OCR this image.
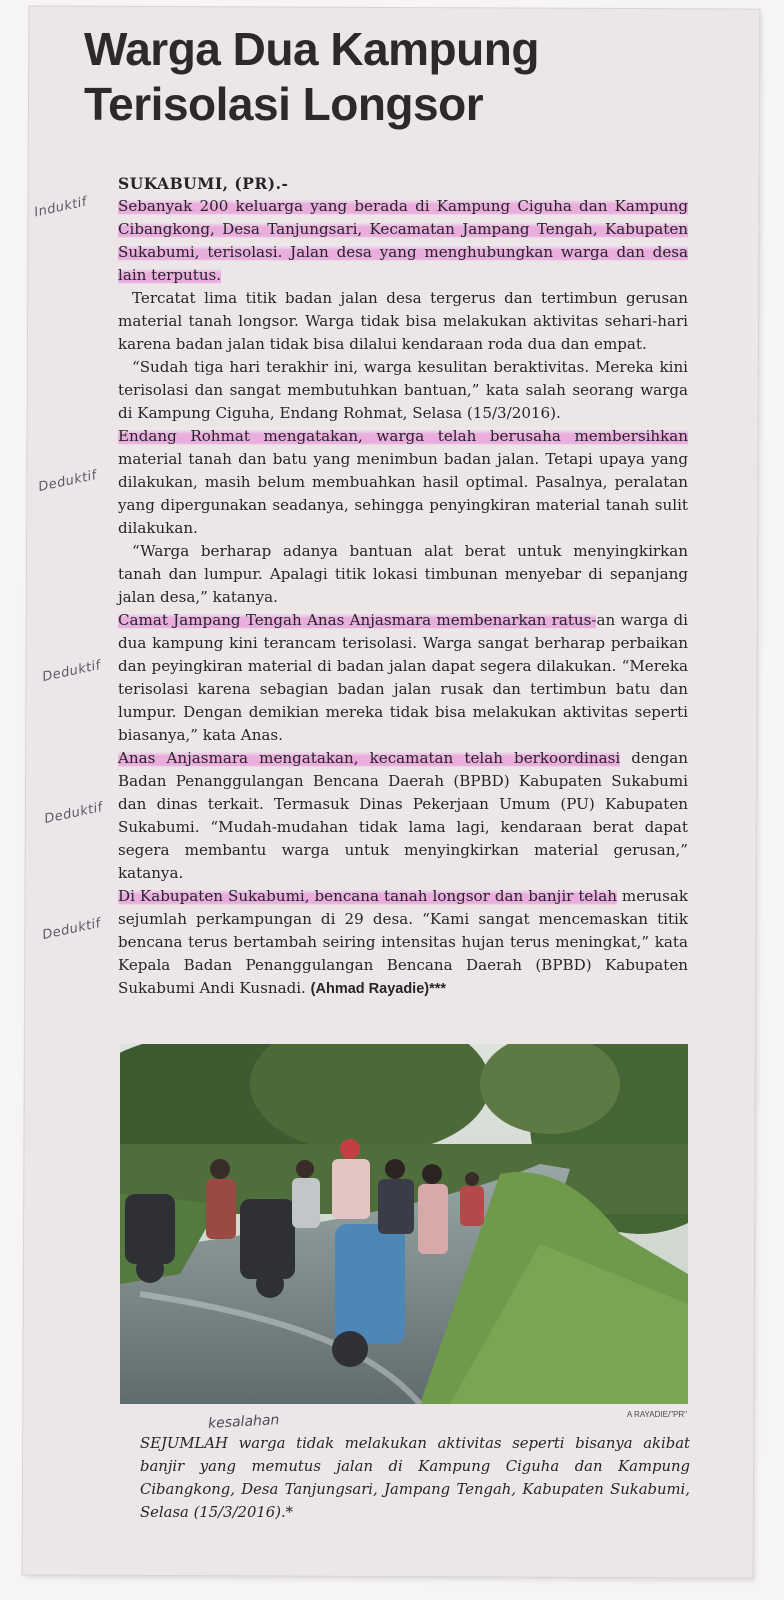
Warga Dua Kampung
Terisolasi Longsor
SUKABUMI, (PR).-

Sebanyak 200 keluarga yang berada di Kampung Ciguha dan Kampung Cibangkong, Desa Tanjungsari, Kecamatan Jampang Tengah, Kabupaten Sukabumi, terisolasi. Jalan desa yang menghubungkan warga dan desa lain terputus.

Tercatat lima titik badan jalan desa tergerus dan tertimbun gerusan material tanah longsor. Warga tidak bisa melakukan aktivitas sehari-hari karena badan jalan tidak bisa dilalui kendaraan roda dua dan empat.

“Sudah tiga hari terakhir ini, warga kesulitan beraktivitas. Mereka kini terisolasi dan sangat membutuhkan bantuan,” kata salah seorang warga di Kampung Ciguha, Endang Rohmat, Selasa (15/3/2016).

Endang Rohmat mengatakan, warga telah berusaha membersihkan material tanah dan batu yang menimbun badan jalan. Tetapi upaya yang dilakukan, masih belum membuahkan hasil optimal. Pasalnya, peralatan yang dipergunakan seadanya, sehingga penyingkiran material tanah sulit dilakukan.

“Warga berharap adanya bantuan alat berat untuk menyingkirkan tanah dan lumpur. Apalagi titik lokasi timbunan menyebar di sepanjang jalan desa,” katanya.

Camat Jampang Tengah Anas Anjasmara membenarkan ratus-an warga di dua kampung kini terancam terisolasi. Warga sangat berharap perbaikan dan peyingkiran material di badan jalan dapat segera dilakukan. “Mereka terisolasi karena sebagian badan jalan rusak dan tertimbun batu dan lumpur. Dengan demikian mereka tidak bisa melakukan aktivitas seperti biasanya,” kata Anas.

Anas Anjasmara mengatakan, kecamatan telah berkoordinasi dengan Badan Penanggulangan Bencana Daerah (BPBD) Kabupaten Sukabumi dan dinas terkait. Termasuk Dinas Pekerjaan Umum (PU) Kabupaten Sukabumi. “Mudah-mudahan tidak lama lagi, kendaraan berat dapat segera membantu warga untuk menyingkirkan material gerusan,” katanya.

Di Kabupaten Sukabumi, bencana tanah longsor dan banjir telah merusak sejumlah perkampungan di 29 desa. “Kami sangat mencemaskan titik bencana terus bertambah seiring intensitas hujan terus meningkat,” kata Kepala Badan Penanggulangan Bencana Daerah (BPBD) Kabupaten Sukabumi Andi Kusnadi. (Ahmad Rayadie)***

Induktif
Deduktif
Deduktif
Deduktif
Deduktif
A RAYADIE/"PR"
kesalahan
SEJUMLAH warga tidak melakukan aktivitas seperti bisanya akibat banjir yang memutus jalan di Kampung Ciguha dan Kampung Cibangkong, Desa Tanjungsari, Jampang Tengah, Kabupaten Sukabumi, Selasa (15/3/2016).*
